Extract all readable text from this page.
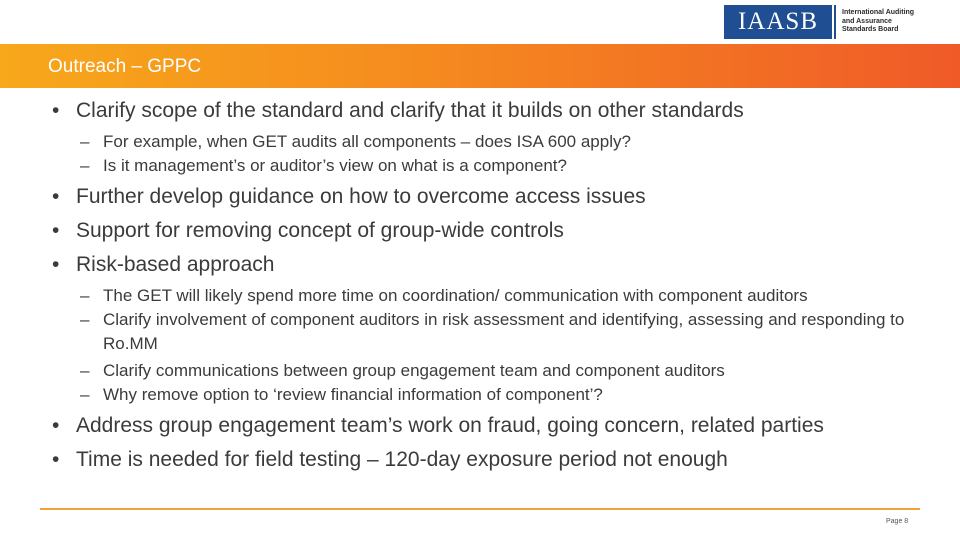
IAASB	International Auditing
and Assurance
Standards Board
Outreach – GPPC
• Clarify scope of the standard and clarify that it builds on other standards
– For example, when GET audits all components – does ISA 600 apply?
– Is it management’s or auditor’s view on what is a component?
• Further develop guidance on how to overcome access issues
• Support for removing concept of group-wide controls
• Risk-based approach
– The GET will likely spend more time on coordination/ communication with component auditors
– Clarify involvement of component auditors in risk assessment and identifying, assessing and responding to Ro.MM
– Clarify communications between group engagement team and component auditors
– Why remove option to ‘review financial information of component’?
• Address group engagement team’s work on fraud, going concern, related parties
• Time is needed for field testing – 120-day exposure period not enough
Page 8
